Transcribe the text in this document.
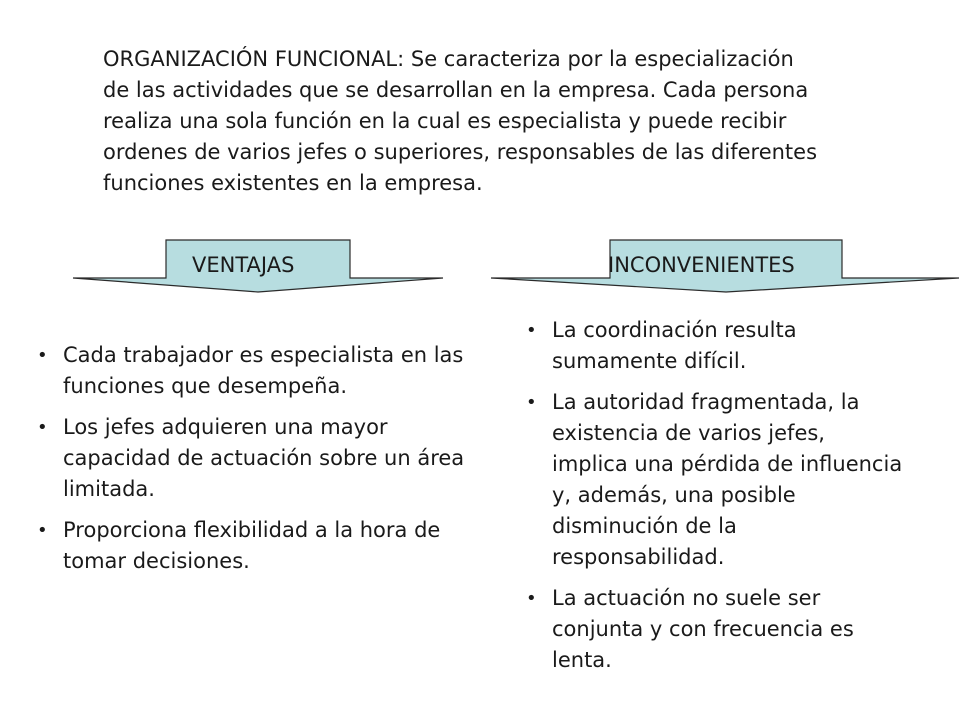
ORGANIZACIÓN FUNCIONAL: Se caracteriza por la especialización de las actividades que se desarrollan en la empresa. Cada persona realiza una sola función en la cual es especialista y puede recibir ordenes de varios jefes o superiores, responsables de las diferentes funciones existentes en la empresa.

VENTAJAS	INCONVENIENTES
• Cada trabajador es especialista en las funciones que desempeña.
• Los jefes adquieren una mayor capacidad de actuación sobre un área limitada.
• Proporciona flexibilidad a la hora de tomar decisiones.
• La coordinación resulta sumamente difícil.
• La autoridad fragmentada, la existencia de varios jefes, implica una pérdida de influencia y, además, una posible disminución de la responsabilidad.
• La actuación no suele ser conjunta y con frecuencia es lenta.
